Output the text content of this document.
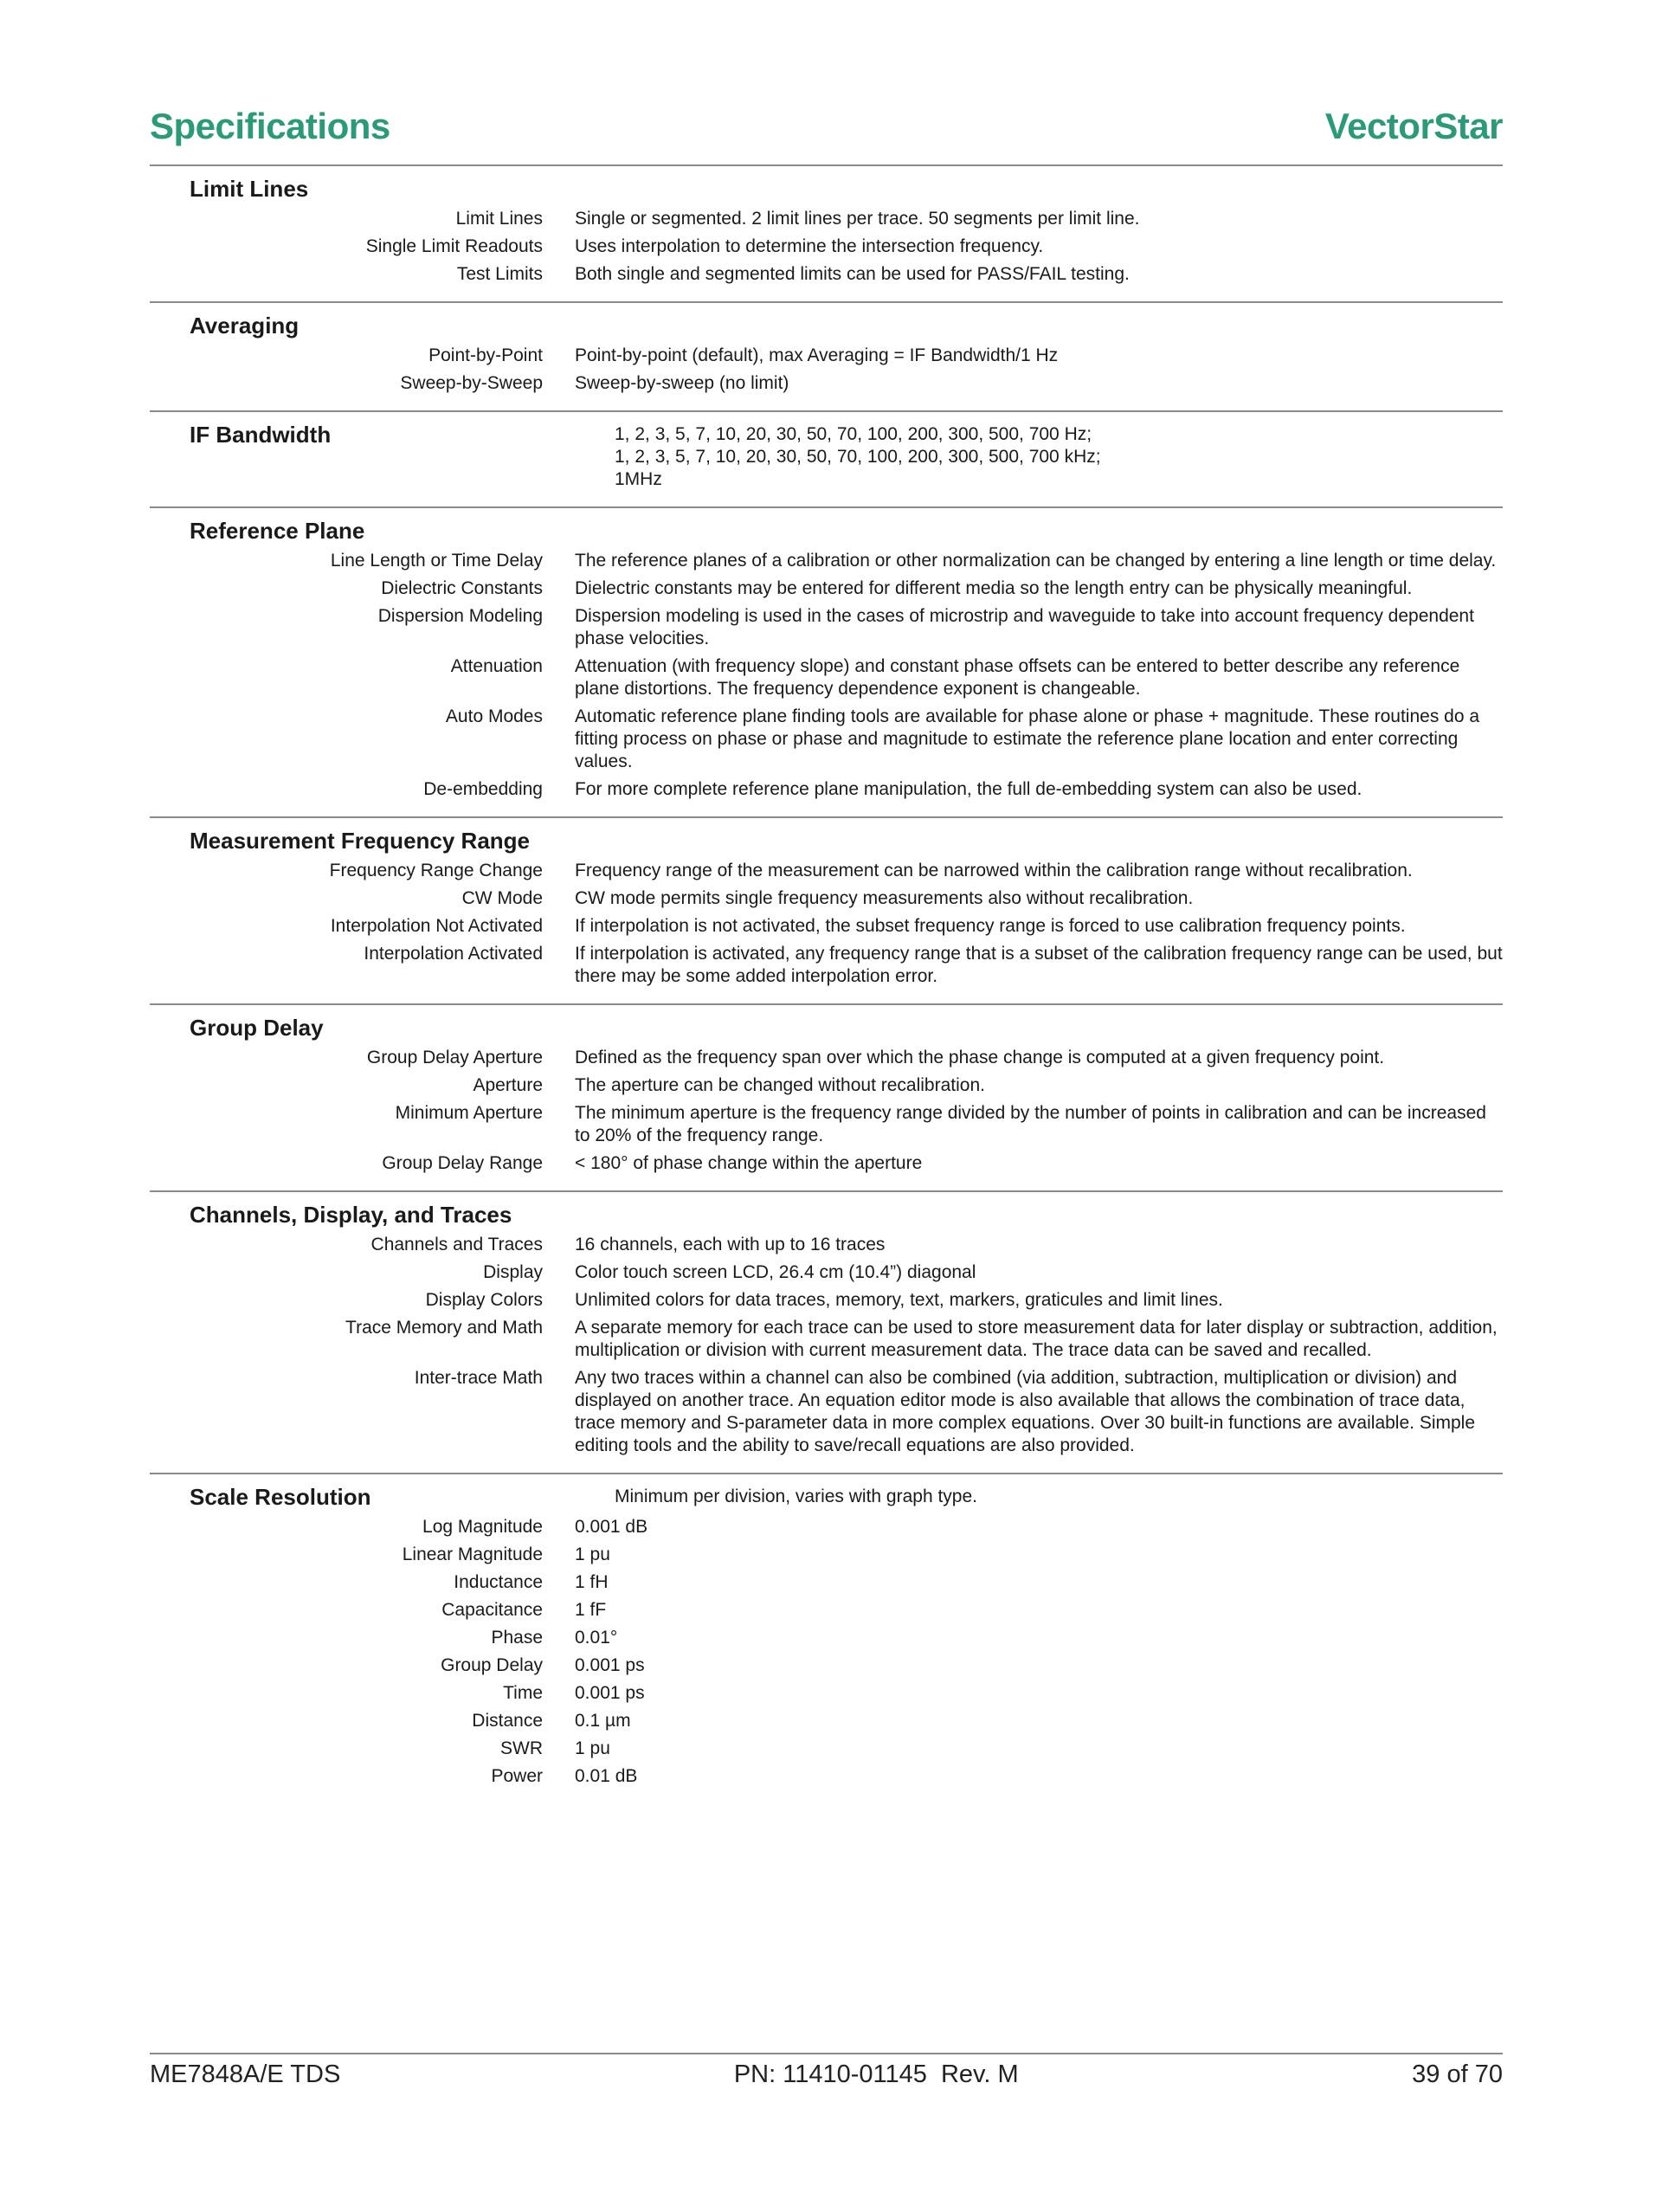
Specifications	VectorStar
Limit Lines
Limit Lines	Single or segmented. 2 limit lines per trace. 50 segments per limit line.
Single Limit Readouts	Uses interpolation to determine the intersection frequency.
Test Limits	Both single and segmented limits can be used for PASS/FAIL testing.
Averaging
Point-by-Point	Point-by-point (default), max Averaging = IF Bandwidth/1 Hz
Sweep-by-Sweep	Sweep-by-sweep (no limit)
IF Bandwidth	1, 2, 3, 5, 7, 10, 20, 30, 50, 70, 100, 200, 300, 500, 700 Hz;
1, 2, 3, 5, 7, 10, 20, 30, 50, 70, 100, 200, 300, 500, 700 kHz;
1MHz
Reference Plane
Line Length or Time Delay	The reference planes of a calibration or other normalization can be changed by entering a line length or time delay.
Dielectric Constants	Dielectric constants may be entered for different media so the length entry can be physically meaningful.
Dispersion Modeling	Dispersion modeling is used in the cases of microstrip and waveguide to take into account frequency dependent phase velocities.
Attenuation	Attenuation (with frequency slope) and constant phase offsets can be entered to better describe any reference plane distortions. The frequency dependence exponent is changeable.
Auto Modes	Automatic reference plane finding tools are available for phase alone or phase + magnitude. These routines do a fitting process on phase or phase and magnitude to estimate the reference plane location and enter correcting values.
De-embedding	For more complete reference plane manipulation, the full de-embedding system can also be used.
Measurement Frequency Range
Frequency Range Change	Frequency range of the measurement can be narrowed within the calibration range without recalibration.
CW Mode	CW mode permits single frequency measurements also without recalibration.
Interpolation Not Activated	If interpolation is not activated, the subset frequency range is forced to use calibration frequency points.
Interpolation Activated	If interpolation is activated, any frequency range that is a subset of the calibration frequency range can be used, but there may be some added interpolation error.
Group Delay
Group Delay Aperture	Defined as the frequency span over which the phase change is computed at a given frequency point.
Aperture	The aperture can be changed without recalibration.
Minimum Aperture	The minimum aperture is the frequency range divided by the number of points in calibration and can be increased to 20% of the frequency range.
Group Delay Range	< 180° of phase change within the aperture
Channels, Display, and Traces
Channels and Traces	16 channels, each with up to 16 traces
Display	Color touch screen LCD, 26.4 cm (10.4”) diagonal
Display Colors	Unlimited colors for data traces, memory, text, markers, graticules and limit lines.
Trace Memory and Math	A separate memory for each trace can be used to store measurement data for later display or subtraction, addition, multiplication or division with current measurement data. The trace data can be saved and recalled.
Inter-trace Math	Any two traces within a channel can also be combined (via addition, subtraction, multiplication or division) and displayed on another trace. An equation editor mode is also available that allows the combination of trace data, trace memory and S-parameter data in more complex equations. Over 30 built-in functions are available. Simple editing tools and the ability to save/recall equations are also provided.
Scale Resolution	Minimum per division, varies with graph type.
Log Magnitude	0.001 dB
Linear Magnitude	1 pu
Inductance	1 fH
Capacitance	1 fF
Phase	0.01°
Group Delay	0.001 ps
Time	0.001 ps
Distance	0.1 µm
SWR	1 pu
Power	0.01 dB
ME7848A/E TDS	PN: 11410-01145  Rev. M	39 of 70
